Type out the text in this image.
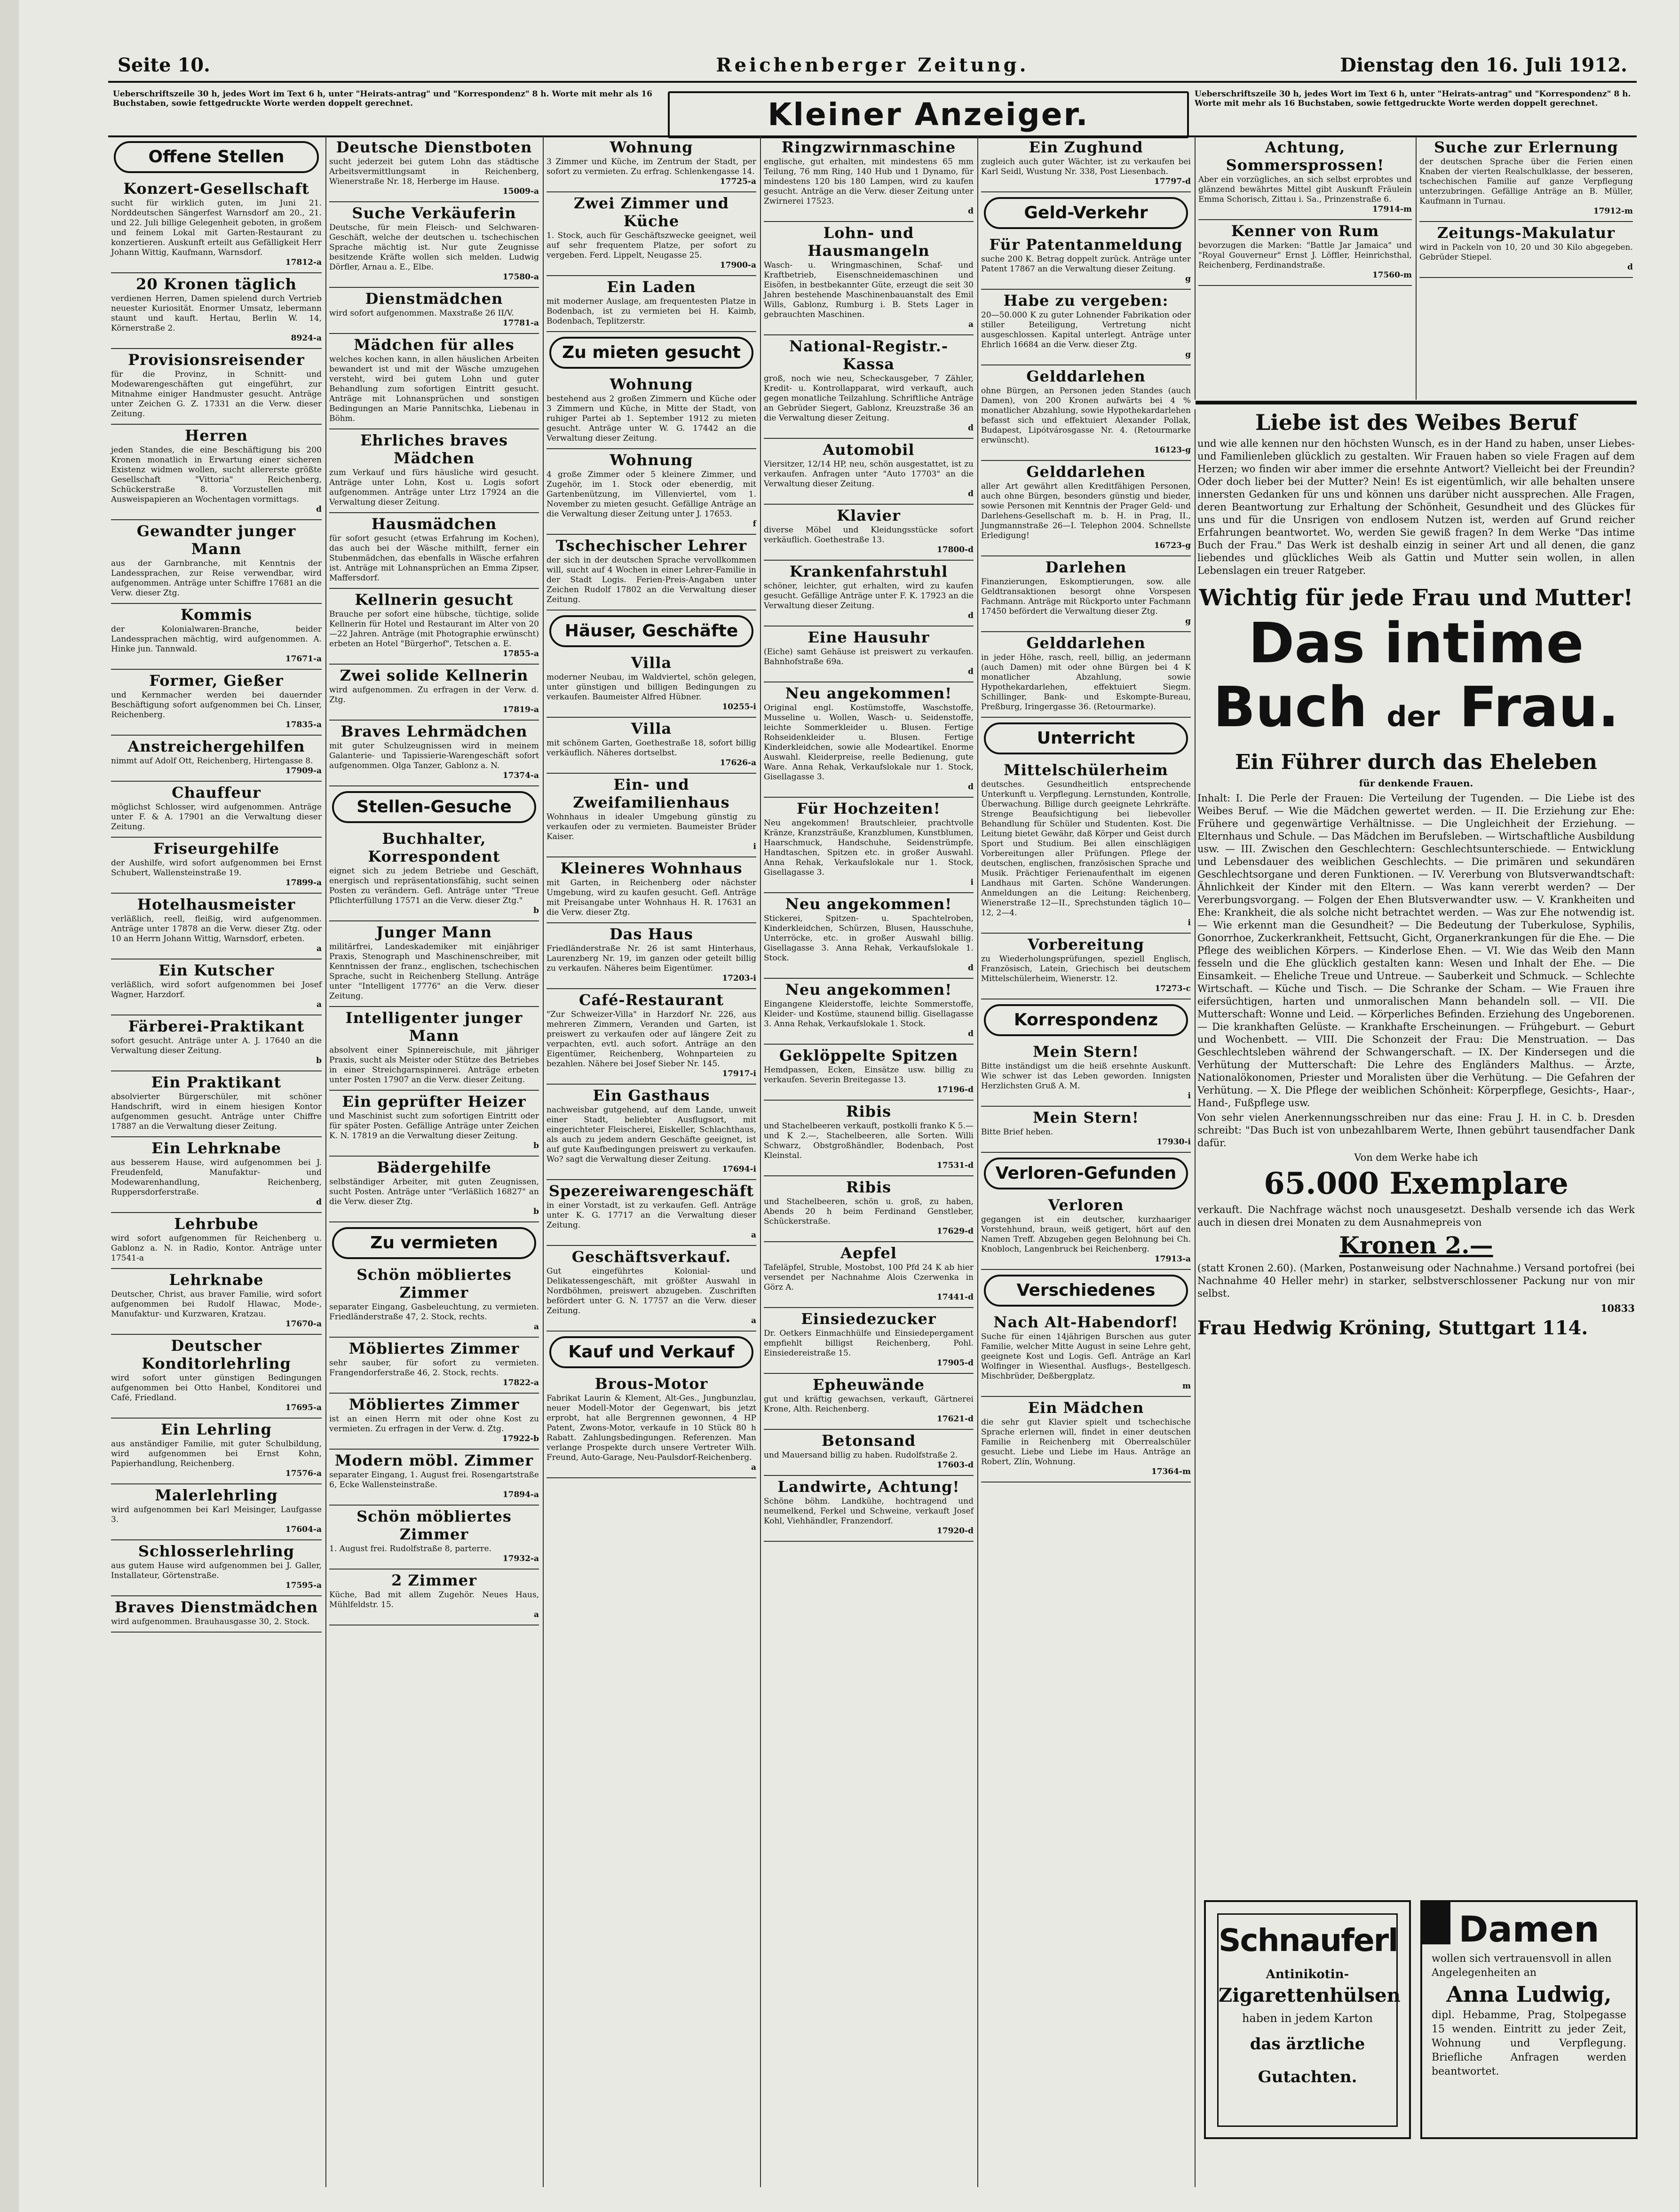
Seite 10.	Reichenberger Zeitung.	Dienstag den 16. Juli 1912.
Ueberschriftszeile 30 h, jedes Wort im Text 6 h, unter "Heirats-antrag" und "Korrespondenz" 8 h. Worte mit mehr als 16 Buchstaben, sowie fettgedruckte Worte werden doppelt gerechnet.	Kleiner Anzeiger.
Ueberschriftszeile 30 h, jedes Wort im Text 6 h, unter "Heirats-antrag" und "Korrespondenz" 8 h. Worte mit mehr als 16 Buchstaben, sowie fettgedruckte Worte werden doppelt gerechnet.
Offene Stellen
Konzert-Gesellschaft

sucht für wirklich guten, im Juni 21. Norddeutschen Sängerfest Warnsdorf am 20., 21. und 22. Juli billige Gelegenheit geboten, in großem und feinem Lokal mit Garten-Restaurant zu konzertieren. Auskunft erteilt aus Gefälligkeit Herr Johann Wittig, Kaufmann, Warnsdorf.

17812-a
20 Kronen täglich

verdienen Herren, Damen spielend durch Vertrieb neuester Kuriosität. Enormer Umsatz, lebermann staunt und kauft. Hertau, Berlin W. 14, Körnerstraße 2.

8924-a
Provisionsreisender

für die Provinz, in Schnitt- und Modewarengeschäften gut eingeführt, zur Mitnahme einiger Handmuster gesucht. Anträge unter Zeichen G. Z. 17331 an die Verw. dieser Zeitung.

Herren

jeden Standes, die eine Beschäftigung bis 200 Kronen monatlich in Erwartung einer sicheren Existenz widmen wollen, sucht allererste größte Gesellschaft "Vittoria" Reichenberg, Schückerstraße 8. Vorzustellen mit Ausweispapieren an Wochentagen vormittags.

d
Gewandter junger Mann

aus der Garnbranche, mit Kenntnis der Landessprachen, zur Reise verwendbar, wird aufgenommen. Anträge unter Schiffre 17681 an die Verw. dieser Ztg.

Kommis

der Kolonialwaren-Branche, beider Landessprachen mächtig, wird aufgenommen. A. Hinke jun. Tannwald.

17671-a
Former, Gießer

und Kernmacher werden bei dauernder Beschäftigung sofort aufgenommen bei Ch. Linser, Reichenberg.

17835-a
Anstreichergehilfen

nimmt auf Adolf Ott, Reichenberg, Hirtengasse 8.

17909-a
Chauffeur

möglichst Schlosser, wird aufgenommen. Anträge unter F. & A. 17901 an die Verwaltung dieser Zeitung.

Friseurgehilfe

der Aushilfe, wird sofort aufgenommen bei Ernst Schubert, Wallensteinstraße 19.

17899-a
Hotelhausmeister

verläßlich, reell, fleißig, wird aufgenommen. Anträge unter 17878 an die Verw. dieser Ztg. oder 10 an Herrn Johann Wittig, Warnsdorf, erbeten.

a
Ein Kutscher

verläßlich, wird sofort aufgenommen bei Josef Wagner, Harzdorf.

a
Färberei-Praktikant

sofort gesucht. Anträge unter A. J. 17640 an die Verwaltung dieser Zeitung.

b
Ein Praktikant

absolvierter Bürgerschüler, mit schöner Handschrift, wird in einem hiesigen Kontor aufgenommen gesucht. Anträge unter Chiffre 17887 an die Verwaltung dieser Zeitung.

Ein Lehrknabe

aus besserem Hause, wird aufgenommen bei J. Freudenfeld, Manufaktur- und Modewarenhandlung, Reichenberg, Ruppersdorferstraße.

d
Lehrbube

wird sofort aufgenommen für Reichenberg u. Gablonz a. N. in Radio, Kontor. Anträge unter 17541-a

Lehrknabe

Deutscher, Christ, aus braver Familie, wird sofort aufgenommen bei Rudolf Hlawac, Mode-, Manufaktur- und Kurzwaren, Kratzau.

17670-a
Deutscher Konditorlehrling

wird sofort unter günstigen Bedingungen aufgenommen bei Otto Hanbel, Konditorei und Café, Friedland.

17695-a
Ein Lehrling

aus anständiger Familie, mit guter Schulbildung, wird aufgenommen bei Ernst Kohn, Papierhandlung, Reichenberg.

17576-a
Malerlehrling

wird aufgenommen bei Karl Meisinger, Laufgasse 3.

17604-a
Schlosserlehrling

aus gutem Hause wird aufgenommen bei J. Galler, Installateur, Görtenstraße.

17595-a
Braves Dienstmädchen

wird aufgenommen. Brauhausgasse 30, 2. Stock.

Deutsche Dienstboten

sucht jederzeit bei gutem Lohn das städtische Arbeitsvermittlungsamt in Reichenberg, Wienerstraße Nr. 18, Herberge im Hause.

15009-a
Suche Verkäuferin

Deutsche, für mein Fleisch- und Selchwaren-Geschäft, welche der deutschen u. tschechischen Sprache mächtig ist. Nur gute Zeugnisse besitzende Kräfte wollen sich melden. Ludwig Dörfler, Arnau a. E., Elbe.

17580-a
Dienstmädchen

wird sofort aufgenommen. Maxstraße 26 II/V.

17781-a
Mädchen für alles

welches kochen kann, in allen häuslichen Arbeiten bewandert ist und mit der Wäsche umzugehen versteht, wird bei gutem Lohn und guter Behandlung zum sofortigen Eintritt gesucht. Anträge mit Lohnansprüchen und sonstigen Bedingungen an Marie Pannitschka, Liebenau in Böhm.

Ehrliches braves Mädchen

zum Verkauf und fürs häusliche wird gesucht. Anträge unter Lohn, Kost u. Logis sofort aufgenommen. Anträge unter Ltrz 17924 an die Verwaltung dieser Zeitung.

Hausmädchen

für sofort gesucht (etwas Erfahrung im Kochen), das auch bei der Wäsche mithilft, ferner ein Stubenmädchen, das ebenfalls in Wäsche erfahren ist. Anträge mit Lohnansprüchen an Emma Zipser, Maffersdorf.

Kellnerin gesucht

Brauche per sofort eine hübsche, tüchtige, solide Kellnerin für Hotel und Restaurant im Alter von 20—22 Jahren. Anträge (mit Photographie erwünscht) erbeten an Hotel "Bürgerhof", Tetschen a. E.

17855-a
Zwei solide Kellnerin

wird aufgenommen. Zu erfragen in der Verw. d. Ztg.

17819-a
Braves Lehrmädchen

mit guter Schulzeugnissen wird in meinem Galanterie- und Tapissierie-Warengeschäft sofort aufgenommen. Olga Tanzer, Gablonz a. N.

17374-a
Stellen-Gesuche
Buchhalter, Korrespondent

eignet sich zu jedem Betriebe und Geschäft, energisch und repräsentationsfähig, sucht seinen Posten zu verändern. Gefl. Anträge unter "Treue Pflichterfüllung 17571 an die Verw. dieser Ztg."

b
Junger Mann

militärfrei, Landeskademiker mit einjähriger Praxis, Stenograph und Maschinenschreiber, mit Kenntnissen der franz., englischen, tschechischen Sprache, sucht in Reichenberg Stellung. Anträge unter "Intelligent 17776" an die Verw. dieser Zeitung.

Intelligenter junger Mann

absolvent einer Spinnereischule, mit jähriger Praxis, sucht als Meister oder Stütze des Betriebes in einer Streichgarnspinnerei. Anträge erbeten unter Posten 17907 an die Verw. dieser Zeitung.

Ein geprüfter Heizer

und Maschinist sucht zum sofortigen Eintritt oder für später Posten. Gefällige Anträge unter Zeichen K. N. 17819 an die Verwaltung dieser Zeitung.

b
Bädergehilfe

selbständiger Arbeiter, mit guten Zeugnissen, sucht Posten. Anträge unter "Verläßlich 16827" an die Verw. dieser Ztg.

b
Zu vermieten
Schön möbliertes Zimmer

separater Eingang, Gasbeleuchtung, zu vermieten. Friedländerstraße 47, 2. Stock, rechts.

a
Möbliertes Zimmer

sehr sauber, für sofort zu vermieten. Frangendorferstraße 46, 2. Stock, rechts.

17822-a
Möbliertes Zimmer

ist an einen Herrn mit oder ohne Kost zu vermieten. Zu erfragen in der Verw. d. Ztg.

17922-b
Modern möbl. Zimmer

separater Eingang, 1. August frei. Rosengartstraße 6, Ecke Wallensteinstraße.

17894-a
Schön möbliertes Zimmer

1. August frei. Rudolfstraße 8, parterre.

17932-a
2 Zimmer

Küche, Bad mit allem Zugehör. Neues Haus, Mühlfeldstr. 15.

a
Wohnung

3 Zimmer und Küche, im Zentrum der Stadt, per sofort zu vermieten. Zu erfrag. Schlenkengasse 14.

17725-a
Zwei Zimmer und Küche

1. Stock, auch für Geschäftszwecke geeignet, weil auf sehr frequentem Platze, per sofort zu vergeben. Ferd. Lippelt, Neugasse 25.

17900-a
Ein Laden

mit moderner Auslage, am frequentesten Platze in Bodenbach, ist zu vermieten bei H. Kaimb, Bodenbach, Teplitzerstr.

Zu mieten gesucht
Wohnung

bestehend aus 2 großen Zimmern und Küche oder 3 Zimmern und Küche, in Mitte der Stadt, von ruhiger Partei ab 1. September 1912 zu mieten gesucht. Anträge unter W. G. 17442 an die Verwaltung dieser Zeitung.

Wohnung

4 große Zimmer oder 5 kleinere Zimmer, und Zugehör, im 1. Stock oder ebenerdig, mit Gartenbenützung, im Villenviertel, vom 1. November zu mieten gesucht. Gefällige Anträge an die Verwaltung dieser Zeitung unter J. 17653.

f
Tschechischer Lehrer

der sich in der deutschen Sprache vervollkommen will, sucht auf 4 Wochen in einer Lehrer-Familie in der Stadt Logis. Ferien-Preis-Angaben unter Zeichen Rudolf 17802 an die Verwaltung dieser Zeitung.

Häuser, Geschäfte
Villa

moderner Neubau, im Waldviertel, schön gelegen, unter günstigen und billigen Bedingungen zu verkaufen. Baumeister Alfred Hübner.

10255-i
Villa

mit schönem Garten, Goethestraße 18, sofort billig verkäuflich. Näheres dortselbst.

17626-a
Ein- und Zweifamilienhaus

Wohnhaus in idealer Umgebung günstig zu verkaufen oder zu vermieten. Baumeister Brüder Kaiser.

i
Kleineres Wohnhaus

mit Garten, in Reichenberg oder nächster Umgebung, wird zu kaufen gesucht. Gefl. Anträge mit Preisangabe unter Wohnhaus H. R. 17631 an die Verw. dieser Ztg.

Das Haus

Friedländerstraße Nr. 26 ist samt Hinterhaus, Laurenzberg Nr. 19, im ganzen oder geteilt billig zu verkaufen. Näheres beim Eigentümer.

17203-i
Café-Restaurant

"Zur Schweizer-Villa" in Harzdorf Nr. 226, aus mehreren Zimmern, Veranden und Garten, ist preiswert zu verkaufen oder auf längere Zeit zu verpachten, evtl. auch sofort. Anträge an den Eigentümer, Reichenberg, Wohnparteien zu bezahlen. Nähere bei Josef Sieber Nr. 145.

17917-i
Ein Gasthaus

nachweisbar gutgehend, auf dem Lande, unweit einer Stadt, beliebter Ausflugsort, mit eingerichteter Fleischerei, Eiskeller, Schlachthaus, als auch zu jedem andern Geschäfte geeignet, ist auf gute Kaufbedingungen preiswert zu verkaufen. Wo? sagt die Verwaltung dieser Zeitung.

17694-i
Spezereiwarengeschäft

in einer Vorstadt, ist zu verkaufen. Gefl. Anträge unter K. G. 17717 an die Verwaltung dieser Zeitung.

a
Geschäftsverkauf.

Gut eingeführtes Kolonial- und Delikatessengeschäft, mit größter Auswahl in Nordböhmen, preiswert abzugeben. Zuschriften befördert unter G. N. 17757 an die Verw. dieser Zeitung.

a
Kauf und Verkauf
Brous-Motor

Fabrikat Laurin & Klement, Alt-Ges., Jungbunzlau, neuer Modell-Motor der Gegenwart, bis jetzt erprobt, hat alle Bergrennen gewonnen, 4 HP Patent, Zwons-Motor, verkaufe in 10 Stück 80 h Rabatt. Zahlungsbedingungen. Referenzen. Man verlange Prospekte durch unsere Vertreter Wilh. Freund, Auto-Garage, Neu-Paulsdorf-Reichenberg.

a
Ringzwirnmaschine

englische, gut erhalten, mit mindestens 65 mm Teilung, 76 mm Ring, 140 Hub und 1 Dynamo, für mindestens 120 bis 180 Lampen, wird zu kaufen gesucht. Anträge an die Verw. dieser Zeitung unter Zwirnerei 17523.

d
Lohn- und Hausmangeln

Wasch- u. Wringmaschinen, Schaf- und Kraftbetrieb, Eisenschneidemaschinen und Eisöfen, in bestbekannter Güte, erzeugt die seit 30 Jahren bestehende Maschinenbauanstalt des Emil Wills, Gablonz, Rumburg i. B. Stets Lager in gebrauchten Maschinen.

a
National-Registr.-Kassa

groß, noch wie neu, Scheckausgeber, 7 Zähler, Kredit- u. Kontrollapparat, wird verkauft, auch gegen monatliche Teilzahlung. Schriftliche Anträge an Gebrüder Siegert, Gablonz, Kreuzstraße 36 an die Verwaltung dieser Zeitung.

d
Automobil

Viersitzer, 12/14 HP, neu, schön ausgestattet, ist zu verkaufen. Anfragen unter "Auto 17703" an die Verwaltung dieser Zeitung.

d
Klavier

diverse Möbel und Kleidungsstücke sofort verkäuflich. Goethestraße 13.

17800-d
Krankenfahrstuhl

schöner, leichter, gut erhalten, wird zu kaufen gesucht. Gefällige Anträge unter F. K. 17923 an die Verwaltung dieser Zeitung.

d
Eine Hausuhr

(Eiche) samt Gehäuse ist preiswert zu verkaufen. Bahnhofstraße 69a.

d
Neu angekommen!

Original engl. Kostümstoffe, Waschstoffe, Musseline u. Wollen, Wasch- u. Seidenstoffe, leichte Sommerkleider u. Blusen. Fertige Rohseidenkleider u. Blusen. Fertige Kinderkleidchen, sowie alle Modeartikel. Enorme Auswahl. Kleiderpreise, reelle Bedienung, gute Ware. Anna Rehak, Verkaufslokale nur 1. Stock, Gisellagasse 3.

d
Für Hochzeiten!

Neu angekommen! Brautschleier, prachtvolle Kränze, Kranzsträuße, Kranzblumen, Kunstblumen, Haarschmuck, Handschuhe, Seidenstrümpfe, Handtaschen, Spitzen etc. in großer Auswahl. Anna Rehak, Verkaufslokale nur 1. Stock, Gisellagasse 3.

i
Neu angekommen!

Stickerei, Spitzen- u. Spachtelroben, Kinderkleidchen, Schürzen, Blusen, Hausschuhe, Unterröcke, etc. in großer Auswahl billig. Gisellagasse 3. Anna Rehak, Verkaufslokale 1. Stock.

d
Neu angekommen!

Eingangene Kleiderstoffe, leichte Sommerstoffe, Kleider- und Kostüme, staunend billig. Gisellagasse 3. Anna Rehak, Verkaufslokale 1. Stock.

d
Geklöppelte Spitzen

Hemdpassen, Ecken, Einsätze usw. billig zu verkaufen. Severin Breitegasse 13.

17196-d
Ribis

und Stachelbeeren verkauft, postkolli franko K 5.— und K 2.—, Stachelbeeren, alle Sorten. Willi Schwarz, Obstgroßhändler, Bodenbach, Post Kleinstal.

17531-d
Ribis

und Stachelbeeren, schön u. groß, zu haben, Abends 20 h beim Ferdinand Genstleber, Schückerstraße.

17629-d
Aepfel

Tafeläpfel, Struble, Mostobst, 100 Pfd 24 K ab hier versendet per Nachnahme Alois Czerwenka in Görz A.

17441-d
Einsiedezucker

Dr. Oetkers Einmachhülfe und Einsiedepergament empfiehlt billigst Reichenberg, Pohl. Einsiedereistraße 15.

17905-d
Epheuwände

gut und kräftig gewachsen, verkauft, Gärtnerei Krone, Alth. Reichenberg.

17621-d
Betonsand

und Mauersand billig zu haben. Rudolfstraße 2.

17603-d
Landwirte, Achtung!

Schöne böhm. Landkühe, hochtragend und neumelkend, Ferkel und Schweine, verkauft Josef Kohl, Viehhändler, Franzendorf.

17920-d
Ein Zughund

zugleich auch guter Wächter, ist zu verkaufen bei Karl Seidl, Wustung Nr. 338, Post Liesenbach.

17797-d
Geld-Verkehr
Für Patentanmeldung

suche 200 K. Betrag doppelt zurück. Anträge unter Patent 17867 an die Verwaltung dieser Zeitung.

g
Habe zu vergeben:

20—50.000 K zu guter Lohnender Fabrikation oder stiller Beteiligung, Vertretung nicht ausgeschlossen. Kapital unterlegt. Anträge unter Ehrlich 16684 an die Verw. dieser Ztg.

g
Gelddarlehen

ohne Bürgen, an Personen jeden Standes (auch Damen), von 200 Kronen aufwärts bei 4 % monatlicher Abzahlung, sowie Hypothekardarlehen befasst sich und effektuiert Alexander Pollak, Budapest, Lipótvárosgasse Nr. 4. (Retourmarke erwünscht).

16123-g
Gelddarlehen

aller Art gewährt allen Kreditfähigen Personen, auch ohne Bürgen, besonders günstig und bieder, sowie Personen mit Kenntnis der Prager Geld- und Darlehens-Gesellschaft m. b. H. in Prag, II., Jungmannstraße 26—I. Telephon 2004. Schnellste Erledigung!

16723-g
Darlehen

Finanzierungen, Eskomptierungen, sow. alle Geldtransaktionen besorgt ohne Vorspesen Fachmann. Anträge mit Rückporto unter Fachmann 17450 befördert die Verwaltung dieser Ztg.

g
Gelddarlehen

in jeder Höhe, rasch, reell, billig, an jedermann (auch Damen) mit oder ohne Bürgen bei 4 K monatlicher Abzahlung, sowie Hypothekardarlehen, effektuiert Siegm. Schillinger, Bank- und Eskompte-Bureau, Preßburg, Iringergasse 36. (Retourmarke).

Unterricht
Mittelschülerheim

deutsches. Gesundheitlich entsprechende Unterkunft u. Verpflegung. Lernstunden, Kontrolle, Überwachung. Billige durch geeignete Lehrkräfte. Strenge Beaufsichtigung bei liebevoller Behandlung für Schüler und Studenten. Kost. Die Leitung bietet Gewähr, daß Körper und Geist durch Sport und Studium. Bei allen einschlägigen Vorbereitungen aller Prüfungen. Pflege der deutschen, englischen, französischen Sprache und Musik. Prächtiger Ferienaufenthalt im eigenen Landhaus mit Garten. Schöne Wanderungen. Anmeldungen an die Leitung: Reichenberg, Wienerstraße 12—II., Sprechstunden täglich 10—12, 2—4.

i
Vorbereitung

zu Wiederholungsprüfungen, speziell Englisch, Französisch, Latein, Griechisch bei deutschem Mittelschülerheim, Wienerstr. 12.

17273-c
Korrespondenz
Mein Stern!

Bitte inständigst um die heiß ersehnte Auskunft. Wie schwer ist das Leben geworden. Innigsten Herzlichsten Gruß A. M.

i
Mein Stern!

Bitte Brief heben.

17930-i
Verloren-Gefunden
Verloren

gegangen ist ein deutscher, kurzhaariger Vorstehhund, braun, weiß getigert, hört auf den Namen Treff. Abzugeben gegen Belohnung bei Ch. Knobloch, Langenbruck bei Reichenberg.

17913-a
Verschiedenes
Nach Alt-Habendorf!

Suche für einen 14jährigen Burschen aus guter Familie, welcher Mitte August in seine Lehre geht, geeignete Kost und Logis. Gefl. Anträge an Karl Wolfinger in Wiesenthal. Ausflugs-, Bestellgesch. Mischbrüder, Deßbergplatz.

m
Ein Mädchen

die sehr gut Klavier spielt und tschechische Sprache erlernen will, findet in einer deutschen Familie in Reichenberg mit Oberrealschüler gesucht. Liebe und Liebe im Haus. Anträge an Robert, Zlín, Wohnung.

17364-m
Achtung, Sommersprossen!

Aber ein vorzügliches, an sich selbst erprobtes und glänzend bewährtes Mittel gibt Auskunft Fräulein Emma Schorisch, Zittau i. Sa., Prinzenstraße 6.

17914-m
Kenner von Rum

bevorzugen die Marken: "Battle Jar Jamaica" und "Royal Gouverneur" Ernst J. Löffler, Heinrichsthal, Reichenberg, Ferdinandstraße.

17560-m
Suche zur Erlernung

der deutschen Sprache über die Ferien einen Knaben der vierten Realschulklasse, der besseren, tschechischen Familie auf ganze Verpflegung unterzubringen. Gefällige Anträge an B. Müller, Kaufmann in Turnau.

17912-m
Zeitungs-Makulatur

wird in Packeln von 10, 20 und 30 Kilo abgegeben. Gebrüder Stiepel.

d
Liebe ist des Weibes Beruf

und wie alle kennen nur den höchsten Wunsch, es in der Hand zu haben, unser Liebes- und Familienleben glücklich zu gestalten. Wir Frauen haben so viele Fragen auf dem Herzen; wo finden wir aber immer die ersehnte Antwort? Vielleicht bei der Freundin? Oder doch lieber bei der Mutter? Nein! Es ist eigentümlich, wir alle behalten unsere innersten Gedanken für uns und können uns darüber nicht aussprechen. Alle Fragen, deren Beantwortung zur Erhaltung der Schönheit, Gesundheit und des Glückes für uns und für die Unsrigen von endlosem Nutzen ist, werden auf Grund reicher Erfahrungen beantwortet. Wo, werden Sie gewiß fragen? In dem Werke "Das intime Buch der Frau." Das Werk ist deshalb einzig in seiner Art und all denen, die ganz liebendes und glückliches Weib als Gattin und Mutter sein wollen, in allen Lebenslagen ein treuer Ratgeber.

Wichtig für jede Frau und Mutter!
Das intime
Buch der Frau.
Ein Führer durch das Eheleben
für denkende Frauen.

Inhalt: I. Die Perle der Frauen: Die Verteilung der Tugenden. — Die Liebe ist des Weibes Beruf. — Wie die Mädchen gewertet werden. — II. Die Erziehung zur Ehe: Frühere und gegenwärtige Verhältnisse. — Die Ungleichheit der Erziehung. — Elternhaus und Schule. — Das Mädchen im Berufsleben. — Wirtschaftliche Ausbildung usw. — III. Zwischen den Geschlechtern: Geschlechtsunterschiede. — Entwicklung und Lebensdauer des weiblichen Geschlechts. — Die primären und sekundären Geschlechtsorgane und deren Funktionen. — IV. Vererbung von Blutsverwandtschaft: Ähnlichkeit der Kinder mit den Eltern. — Was kann vererbt werden? — Der Vererbungsvorgang. — Folgen der Ehen Blutsverwandter usw. — V. Krankheiten und Ehe: Krankheit, die als solche nicht betrachtet werden. — Was zur Ehe notwendig ist. — Wie erkennt man die Gesundheit? — Die Bedeutung der Tuberkulose, Syphilis, Gonorrhoe, Zuckerkrankheit, Fettsucht, Gicht, Organerkrankungen für die Ehe. — Die Pflege des weiblichen Körpers. — Kinderlose Ehen. — VI. Wie das Weib den Mann fesseln und die Ehe glücklich gestalten kann: Wesen und Inhalt der Ehe. — Die Einsamkeit. — Eheliche Treue und Untreue. — Sauberkeit und Schmuck. — Schlechte Wirtschaft. — Küche und Tisch. — Die Schranke der Scham. — Wie Frauen ihre eifersüchtigen, harten und unmoralischen Mann behandeln soll. — VII. Die Mutterschaft: Wonne und Leid. — Körperliches Befinden. Erziehung des Ungeborenen. — Die krankhaften Gelüste. — Krankhafte Erscheinungen. — Frühgeburt. — Geburt und Wochenbett. — VIII. Die Schonzeit der Frau: Die Menstruation. — Das Geschlechtsleben während der Schwangerschaft. — IX. Der Kindersegen und die Verhütung der Mutterschaft: Die Lehre des Engländers Malthus. — Ärzte, Nationalökonomen, Priester und Moralisten über die Verhütung. — Die Gefahren der Verhütung. — X. Die Pflege der weiblichen Schönheit: Körperpflege, Gesichts-, Haar-, Hand-, Fußpflege usw.

Von sehr vielen Anerkennungsschreiben nur das eine: Frau J. H. in C. b. Dresden schreibt: "Das Buch ist von unbezahlbarem Werte, Ihnen gebührt tausendfacher Dank dafür.

Von dem Werke habe ich

65.000 Exemplare

verkauft. Die Nachfrage wächst noch unausgesetzt. Deshalb versende ich das Werk auch in diesen drei Monaten zu dem Ausnahmepreis von

Kronen 2.—

(statt Kronen 2.60). (Marken, Postanweisung oder Nachnahme.) Versand portofrei (bei Nachnahme 40 Heller mehr) in starker, selbstverschlossener Packung nur von mir selbst.

10833

Frau Hedwig Kröning, Stuttgart 114.
Schnauferl
Antinikotin-
Zigarettenhülsen
haben in jedem Karton
das ärztliche Gutachten.
Damen
wollen sich vertrauensvoll in allen Angelegenheiten an
Anna Ludwig,
dipl. Hebamme, Prag, Stolpegasse 15 wenden. Eintritt zu jeder Zeit, Wohnung und Verpflegung. Briefliche Anfragen werden beantwortet.
